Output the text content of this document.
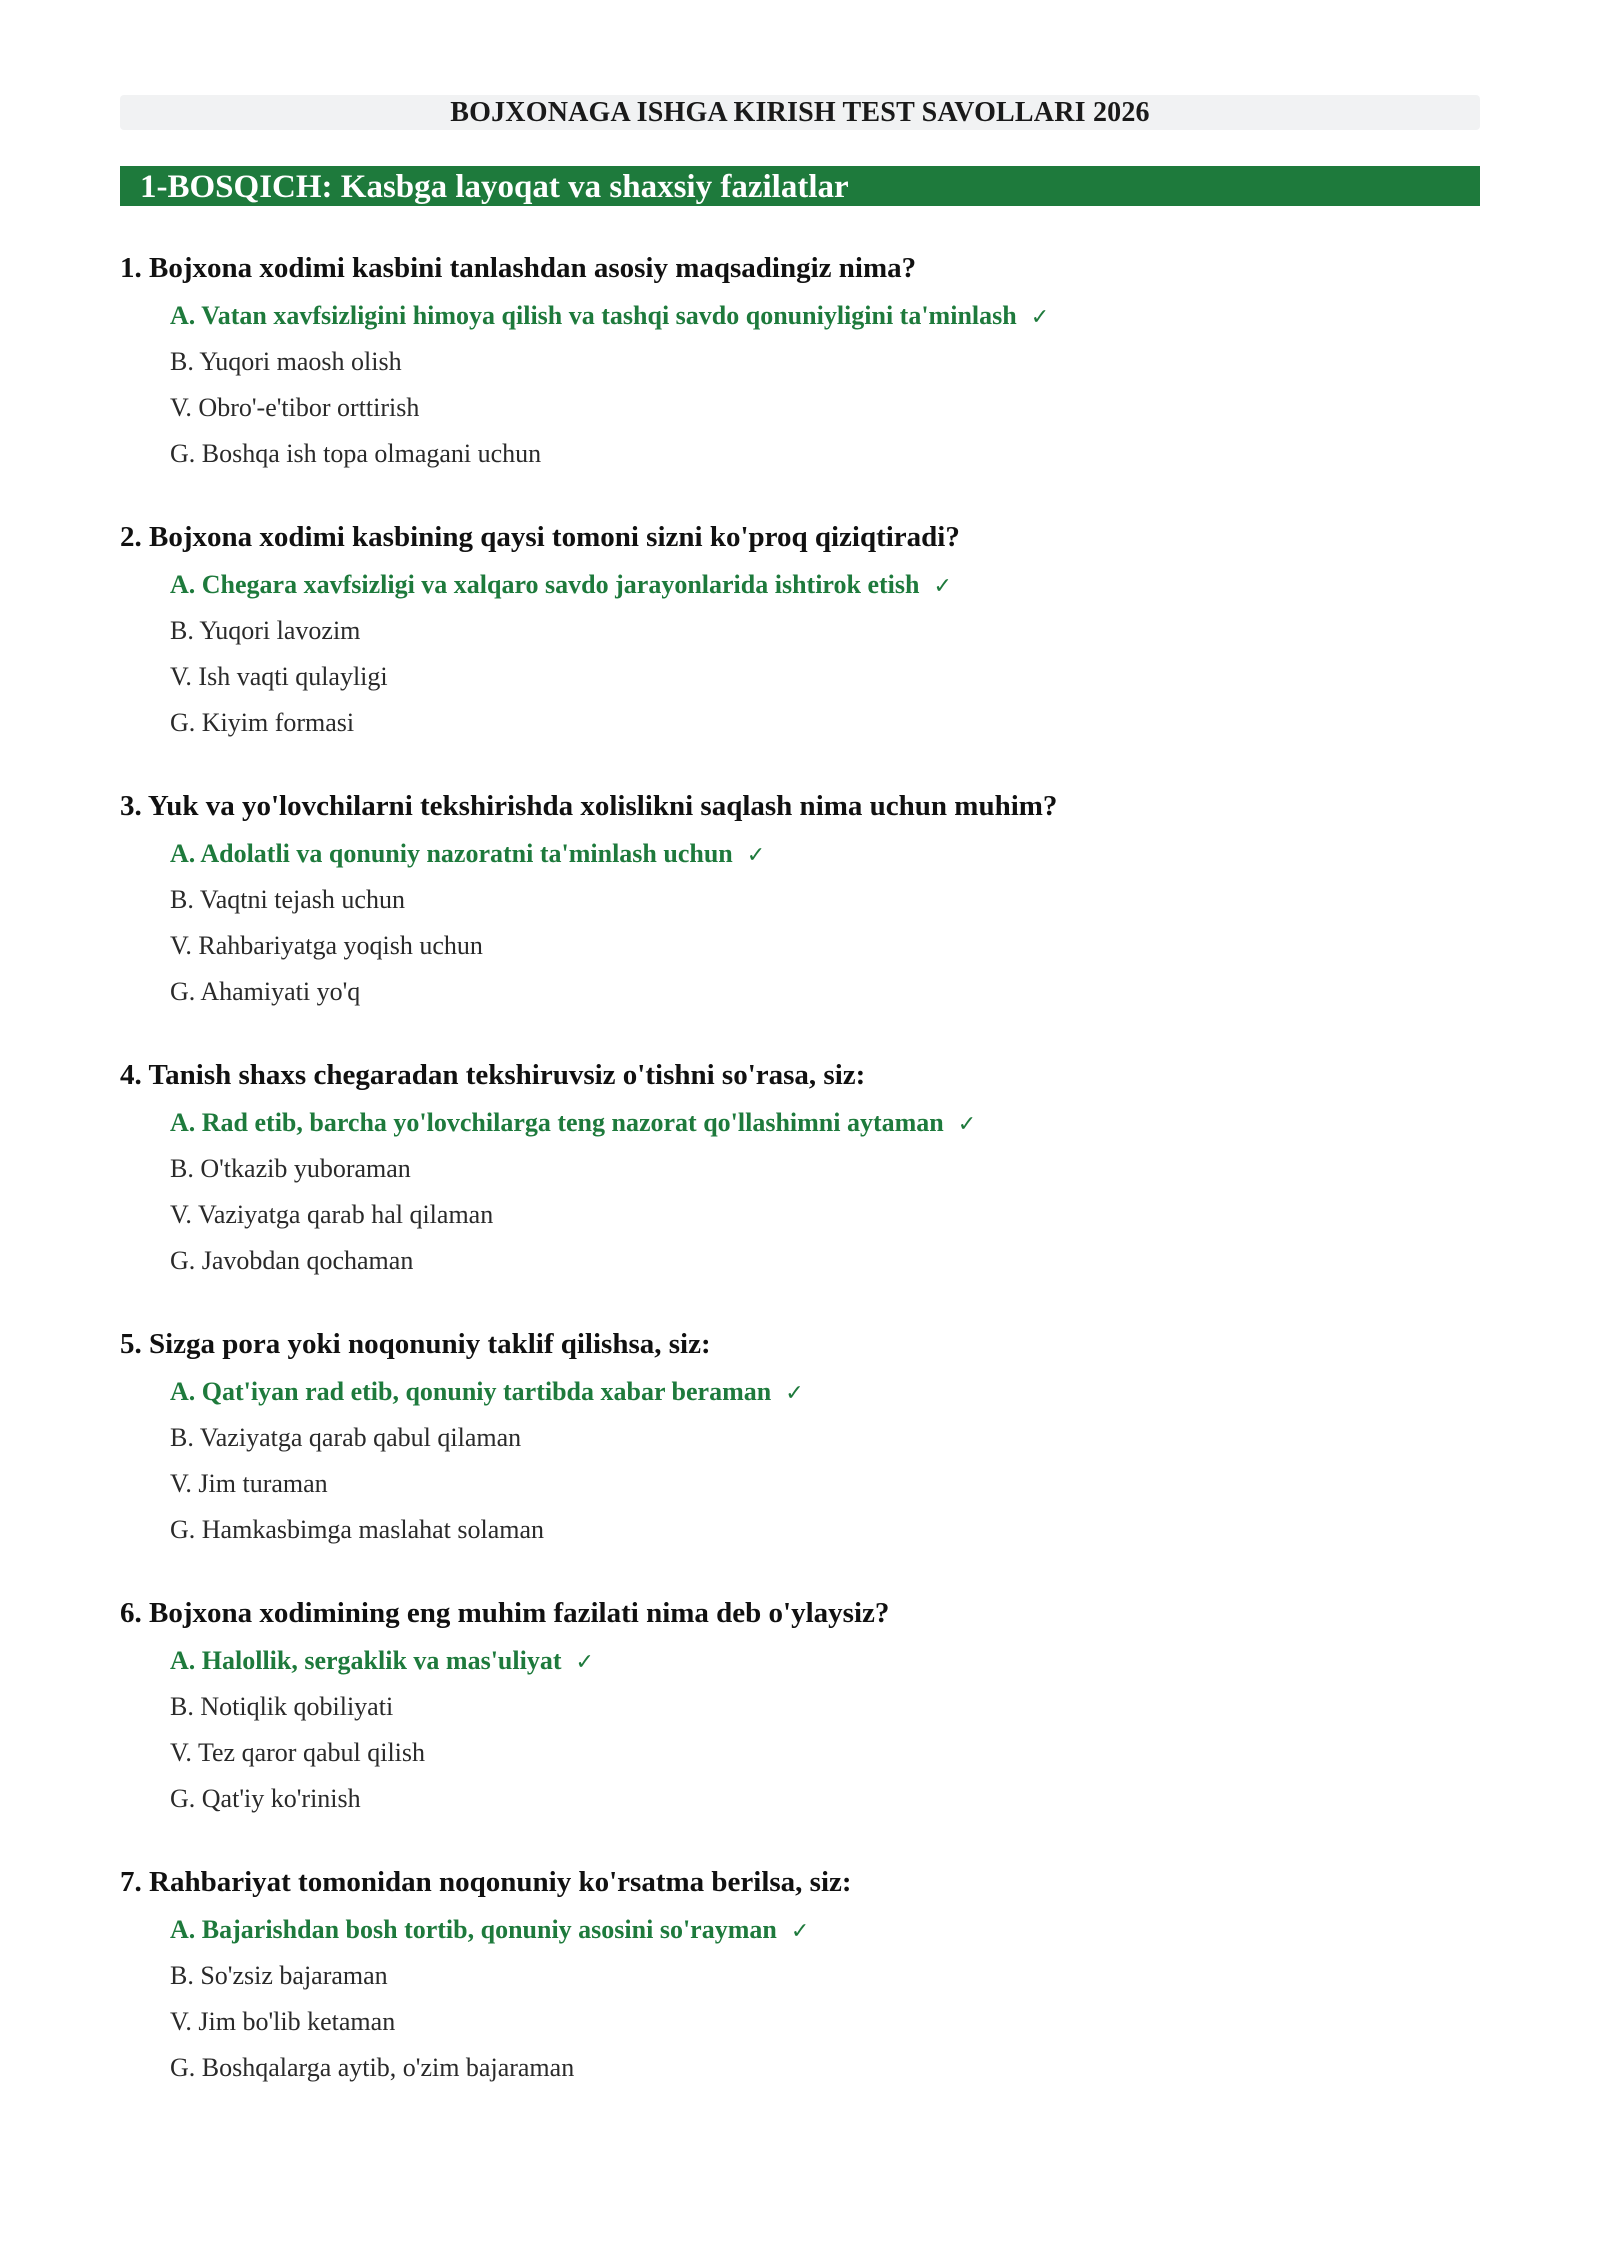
BOJXONAGA ISHGA KIRISH TEST SAVOLLARI 2026
1-BOSQICH: Kasbga layoqat va shaxsiy fazilatlar
1. Bojxona xodimi kasbini tanlashdan asosiy maqsadingiz nima?
A. Vatan xavfsizligini himoya qilish va tashqi savdo qonuniyligini ta'minlash ✓
B. Yuqori maosh olish
V. Obro'-e'tibor orttirish
G. Boshqa ish topa olmagani uchun
2. Bojxona xodimi kasbining qaysi tomoni sizni ko'proq qiziqtiradi?
A. Chegara xavfsizligi va xalqaro savdo jarayonlarida ishtirok etish ✓
B. Yuqori lavozim
V. Ish vaqti qulayligi
G. Kiyim formasi
3. Yuk va yo'lovchilarni tekshirishda xolislikni saqlash nima uchun muhim?
A. Adolatli va qonuniy nazoratni ta'minlash uchun ✓
B. Vaqtni tejash uchun
V. Rahbariyatga yoqish uchun
G. Ahamiyati yo'q
4. Tanish shaxs chegaradan tekshiruvsiz o'tishni so'rasa, siz:
A. Rad etib, barcha yo'lovchilarga teng nazorat qo'llashimni aytaman ✓
B. O'tkazib yuboraman
V. Vaziyatga qarab hal qilaman
G. Javobdan qochaman
5. Sizga pora yoki noqonuniy taklif qilishsa, siz:
A. Qat'iyan rad etib, qonuniy tartibda xabar beraman ✓
B. Vaziyatga qarab qabul qilaman
V. Jim turaman
G. Hamkasbimga maslahat solaman
6. Bojxona xodimining eng muhim fazilati nima deb o'ylaysiz?
A. Halollik, sergaklik va mas'uliyat ✓
B. Notiqlik qobiliyati
V. Tez qaror qabul qilish
G. Qat'iy ko'rinish
7. Rahbariyat tomonidan noqonuniy ko'rsatma berilsa, siz:
A. Bajarishdan bosh tortib, qonuniy asosini so'rayman ✓
B. So'zsiz bajaraman
V. Jim bo'lib ketaman
G. Boshqalarga aytib, o'zim bajaraman
